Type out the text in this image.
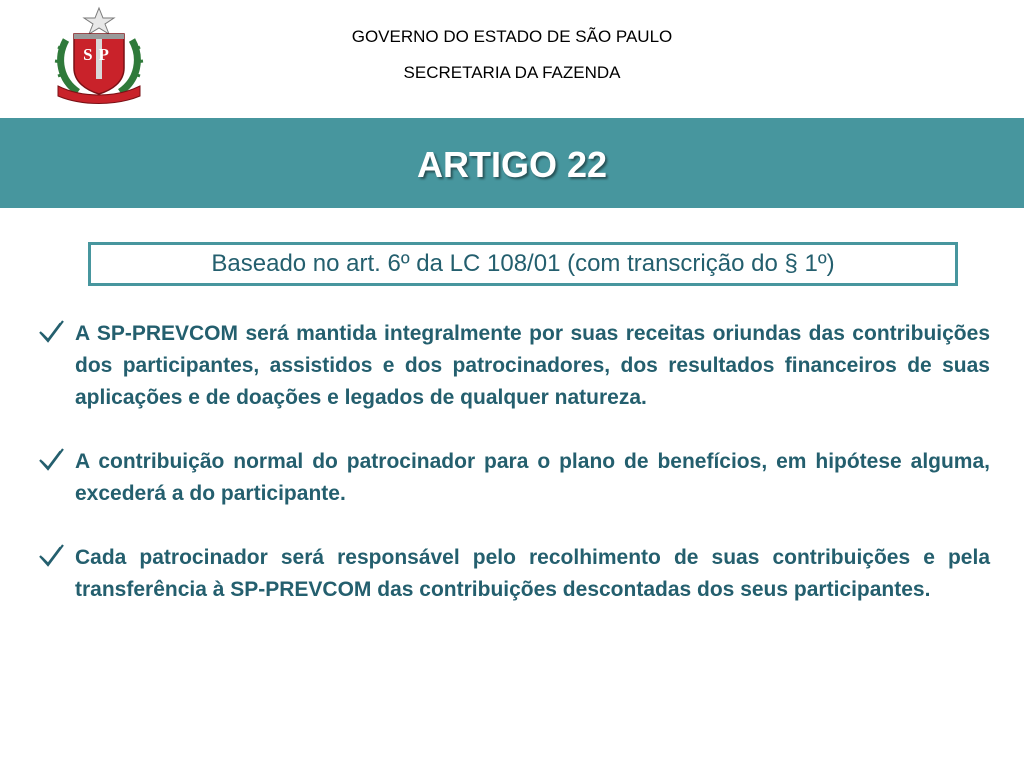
SP
GOVERNO DO ESTADO DE SÃO PAULO
SECRETARIA DA FAZENDA
ARTIGO 22
Baseado no art. 6º da LC 108/01 (com transcrição do § 1º)
A SP-PREVCOM será mantida integralmente por suas receitas oriundas das contribuições dos participantes, assistidos e dos patrocinadores, dos resultados financeiros de suas aplicações e de doações e legados de qualquer natureza.
A contribuição normal do patrocinador para o plano de benefícios, em hipótese alguma, excederá a do participante.
Cada patrocinador será responsável pelo recolhimento de suas contribuições e pela transferência à SP-PREVCOM das contribuições descontadas dos seus participantes.
